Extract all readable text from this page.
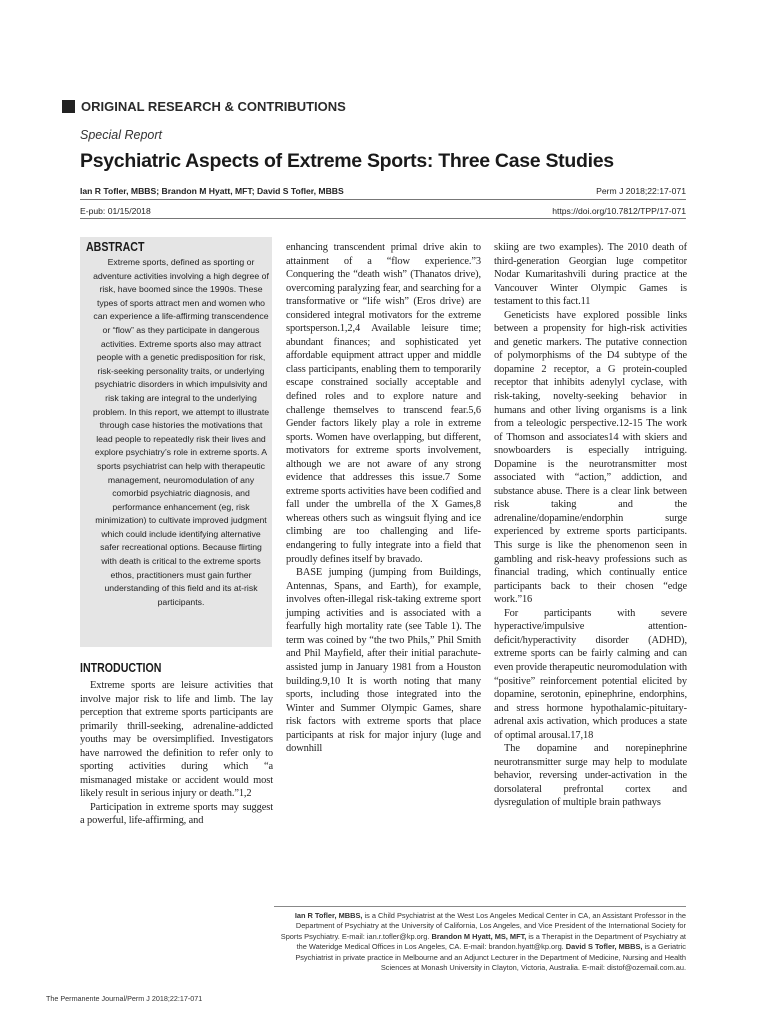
ORIGINAL RESEARCH & CONTRIBUTIONS
Special Report
Psychiatric Aspects of Extreme Sports: Three Case Studies
Ian R Tofler, MBBS; Brandon M Hyatt, MFT; David S Tofler, MBBS	Perm J 2018;22:17-071
E-pub: 01/15/2018	https://doi.org/10.7812/TPP/17-071
ABSTRACT
Extreme sports, defined as sporting or adventure activities involving a high degree of risk, have boomed since the 1990s. These types of sports attract men and women who can experience a life-affirming transcendence or “flow” as they participate in dangerous activities. Extreme sports also may attract people with a genetic predisposition for risk, risk-seeking personality traits, or underlying psychiatric disorders in which impulsivity and risk taking are integral to the underlying problem. In this report, we attempt to illustrate through case histories the motivations that lead people to repeatedly risk their lives and explore psychiatry’s role in extreme sports. A sports psychiatrist can help with therapeutic management, neuromodulation of any comorbid psychiatric diagnosis, and performance enhancement (eg, risk minimization) to cultivate improved judgment which could include identifying alternative safer recreational options. Because flirting with death is critical to the extreme sports ethos, practitioners must gain further understanding of this field and its at-risk participants.
INTRODUCTION

Extreme sports are leisure activities that involve major risk to life and limb. The lay perception that extreme sports participants are primarily thrill-seeking, adrenaline-addicted youths may be oversimplified. Investigators have narrowed the definition to refer only to sporting activities during which “a mismanaged mistake or accident would most likely result in serious injury or death.”1,2

Participation in extreme sports may suggest a powerful, life-affirming, and

enhancing transcendent primal drive akin to attainment of a “flow experience.”3 Conquering the “death wish” (Thanatos drive), overcoming paralyzing fear, and searching for a transformative or “life wish” (Eros drive) are considered integral motivators for the extreme sportsperson.1,2,4 Available leisure time; abundant finances; and sophisticated yet affordable equipment attract upper and middle class participants, enabling them to temporarily escape constrained socially acceptable and defined roles and to explore nature and challenge themselves to transcend fear.5,6 Gender factors likely play a role in extreme sports. Women have overlapping, but different, motivators for extreme sports involvement, although we are not aware of any strong evidence that addresses this issue.7 Some extreme sports activities have been codified and fall under the umbrella of the X Games,8 whereas others such as wingsuit flying and ice climbing are too challenging and life-endangering to fully integrate into a field that proudly defines itself by bravado.

BASE jumping (jumping from Buildings, Antennas, Spans, and Earth), for example, involves often-illegal risk-taking extreme sport jumping activities and is associated with a fearfully high mortality rate (see Table 1). The term was coined by “the two Phils,” Phil Smith and Phil Mayfield, after their initial parachute-assisted jump in January 1981 from a Houston building.9,10 It is worth noting that many sports, including those integrated into the Winter and Summer Olympic Games, share risk factors with extreme sports that place participants at risk for major injury (luge and downhill

skiing are two examples). The 2010 death of third-generation Georgian luge competitor Nodar Kumaritashvili during practice at the Vancouver Winter Olympic Games is testament to this fact.11

Geneticists have explored possible links between a propensity for high-risk activities and genetic markers. The putative connection of polymorphisms of the D4 subtype of the dopamine 2 receptor, a G protein-coupled receptor that inhibits adenylyl cyclase, with risk-taking, novelty-seeking behavior in humans and other living organisms is a link from a teleologic perspective.12-15 The work of Thomson and associates14 with skiers and snowboarders is especially intriguing. Dopamine is the neurotransmitter most associated with “action,” addiction, and substance abuse. There is a clear link between risk taking and the adrenaline/dopamine/endorphin surge experienced by extreme sports participants. This surge is like the phenomenon seen in gambling and risk-heavy professions such as financial trading, which continually entice participants back to their chosen “edge work.”16

For participants with severe hyperactive/impulsive attention-deficit/hyperactivity disorder (ADHD), extreme sports can be fairly calming and can even provide therapeutic neuromodulation with “positive” reinforcement potential elicited by dopamine, serotonin, epinephrine, endorphins, and stress hormone hypothalamic-pituitary-adrenal axis activation, which produces a state of optimal arousal.17,18

The dopamine and norepinephrine neurotransmitter surge may help to modulate behavior, reversing under-activation in the dorsolateral prefrontal cortex and dysregulation of multiple brain pathways

Ian R Tofler, MBBS, is a Child Psychiatrist at the West Los Angeles Medical Center in CA, an Assistant Professor in the Department of Psychiatry at the University of California, Los Angeles, and Vice President of the International Society for Sports Psychiatry. E-mail: ian.r.tofler@kp.org. Brandon M Hyatt, MS, MFT, is a Therapist in the Department of Psychiatry at the Wateridge Medical Offices in Los Angeles, CA. E-mail: brandon.hyatt@kp.org. David S Tofler, MBBS, is a Geriatric Psychiatrist in private practice in Melbourne and an Adjunct Lecturer in the Department of Medicine, Nursing and Health Sciences at Monash University in Clayton, Victoria, Australia. E-mail: distof@ozemail.com.au.
The Permanente Journal/Perm J 2018;22:17-071
